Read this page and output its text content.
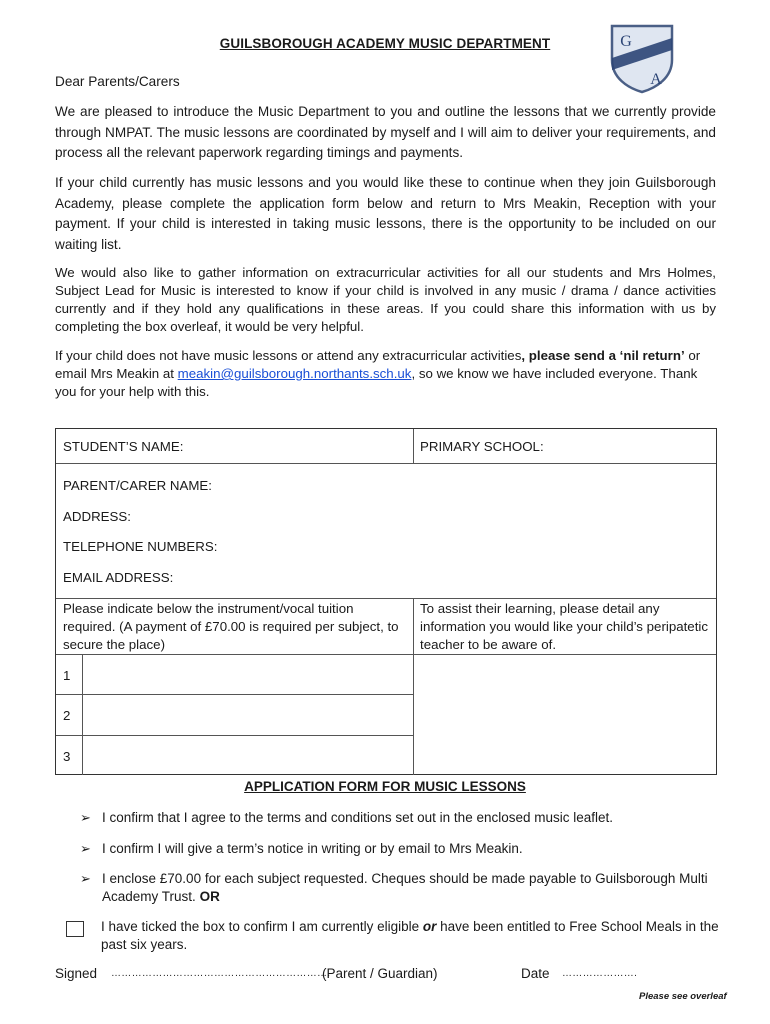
GUILSBOROUGH ACADEMY MUSIC DEPARTMENT	G
A
Dear Parents/Carers

We are pleased to introduce the Music Department to you and outline the lessons that we currently provide through NMPAT. The music lessons are coordinated by myself and I will aim to deliver your requirements, and process all the relevant paperwork regarding timings and payments.

If your child currently has music lessons and you would like these to continue when they join Guilsborough Academy, please complete the application form below and return to Mrs Meakin, Reception with your payment. If your child is interested in taking music lessons, there is the opportunity to be included on our waiting list.

We would also like to gather information on extracurricular activities for all our students and Mrs Holmes, Subject Lead for Music is interested to know if your child is involved in any music / drama / dance activities currently and if they hold any qualifications in these areas. If you could share this information with us by completing the box overleaf, it would be very helpful.

If your child does not have music lessons or attend any extracurricular activities, please send a ‘nil return’ or email Mrs Meakin at meakin@guilsborough.northants.sch.uk, so we know we have included everyone. Thank you for your help with this.

STUDENT’S NAME:	PRIMARY SCHOOL:
PARENT/CARER NAME:
ADDRESS:
TELEPHONE NUMBERS:
EMAIL ADDRESS:
Please indicate below the instrument/vocal tuition required. (A payment of £70.00 is required per subject, to secure the place)
To assist their learning, please detail any information you would like your child’s peripatetic teacher to be aware of.
1
2
3
APPLICATION FORM FOR MUSIC LESSONS
➢ I confirm that I agree to the terms and conditions set out in the enclosed music leaflet.
➢ I confirm I will give a term’s notice in writing or by email to Mrs Meakin.
➢ I enclose £70.00 for each subject requested. Cheques should be made payable to Guilsborough Multi Academy Trust. OR
I have ticked the box to confirm I am currently eligible or have been entitled to Free School Meals in the past six years.
Signed ……………………………………………………….
(Parent / Guardian)	Date ………………….
Please see overleaf
